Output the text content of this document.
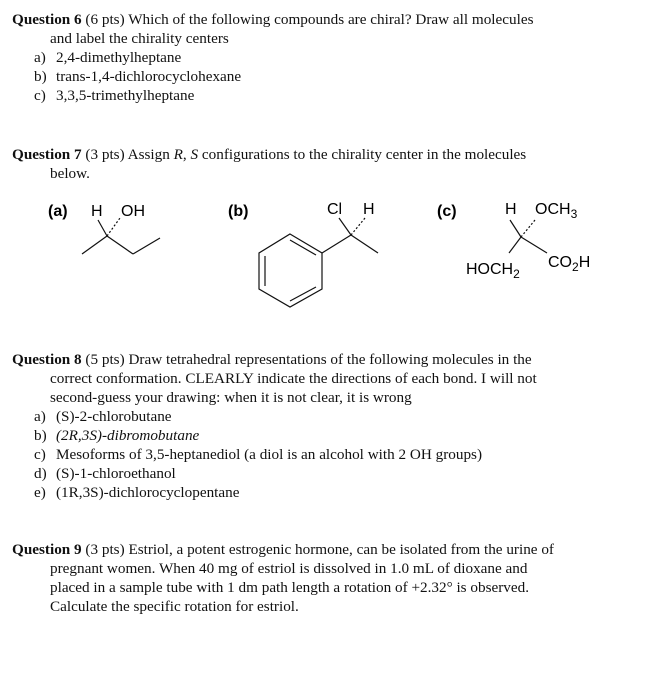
Question 6 (6 pts) Which of the following compounds are chiral? Draw all molecules
and label the chirality centers
a) 2,4-dimethylheptane
b) trans-1,4-dichlorocyclohexane
c) 3,3,5-trimethylheptane
Question 7 (3 pts) Assign R, S configurations to the chirality center in the molecules
below.
(a) H OH	(b)	Cl H	(c)	H $OCH_3$
$HOCH_2$
$CO_2H$
Question 8 (5 pts) Draw tetrahedral representations of the following molecules in the
correct conformation. CLEARLY indicate the directions of each bond. I will not
second-guess your drawing: when it is not clear, it is wrong
a) (S)-2-chlorobutane
b) (2R,3S)-dibromobutane
c) Mesoforms of 3,5-heptanediol (a diol is an alcohol with 2 OH groups)
d) (S)-1-chloroethanol
e) (1R,3S)-dichlorocyclopentane
Question 9 (3 pts) Estriol, a potent estrogenic hormone, can be isolated from the urine of
pregnant women. When 40 mg of estriol is dissolved in 1.0 mL of dioxane and
placed in a sample tube with 1 dm path length a rotation of +2.32° is observed.
Calculate the specific rotation for estriol.
